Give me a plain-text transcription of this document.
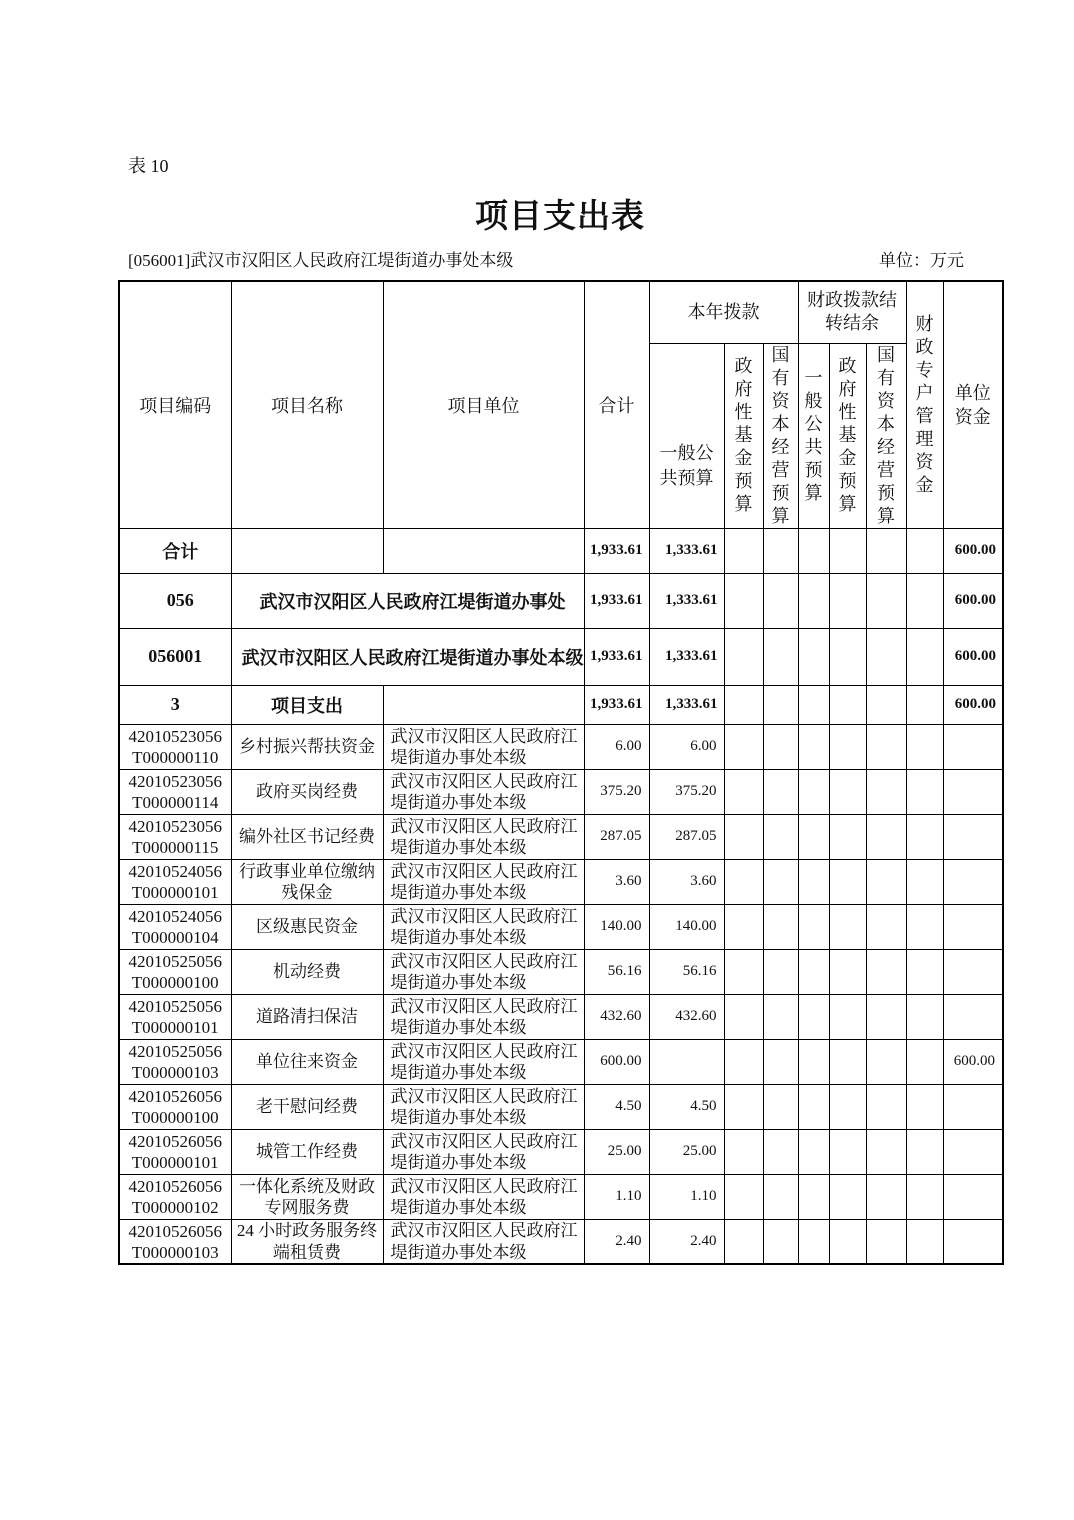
表 10
项目支出表
[056001]武汉市汉阳区人民政府江堤街道办事处本级	单位：万元
项目编码	项目名称	项目单位	合计	本年拨款			财政拨款结转结余			财政专户管理资金	单位资金

				一般公共预算	政府性基金预算	国有资本经营预算	一般公共预算	政府性基金预算	国有资本经营预算		

合计			1,933.61	1,333.61							600.00
056	武汉市汉阳区人民政府江堤街道办事处		1,933.61	1,333.61							600.00
056001	武汉市汉阳区人民政府江堤街道办事处本级		1,933.61	1,333.61							600.00
3	项目支出		1,933.61	1,333.61							600.00

42010523056
T000000110	乡村振兴帮扶资金	武汉市汉阳区人民政府江堤街道办事处本级	6.00	6.00							

42010523056
T000000114	政府买岗经费	武汉市汉阳区人民政府江堤街道办事处本级	375.20	375.20							

42010523056
T000000115	编外社区书记经费	武汉市汉阳区人民政府江堤街道办事处本级	287.05	287.05							

42010524056
T000000101	行政事业单位缴纳残保金	武汉市汉阳区人民政府江堤街道办事处本级	3.60	3.60							

42010524056
T000000104	区级惠民资金	武汉市汉阳区人民政府江堤街道办事处本级	140.00	140.00							

42010525056
T000000100	机动经费	武汉市汉阳区人民政府江堤街道办事处本级	56.16	56.16							

42010525056
T000000101	道路清扫保洁	武汉市汉阳区人民政府江堤街道办事处本级	432.60	432.60							

42010525056
T000000103	单位往来资金	武汉市汉阳区人民政府江堤街道办事处本级	600.00								600.00

42010526056
T000000100	老干慰问经费	武汉市汉阳区人民政府江堤街道办事处本级	4.50	4.50							

42010526056
T000000101	城管工作经费	武汉市汉阳区人民政府江堤街道办事处本级	25.00	25.00							

42010526056
T000000102	一体化系统及财政专网服务费	武汉市汉阳区人民政府江堤街道办事处本级	1.10	1.10							

42010526056
T000000103	24 小时政务服务终端租赁费	武汉市汉阳区人民政府江堤街道办事处本级	2.40	2.40							
